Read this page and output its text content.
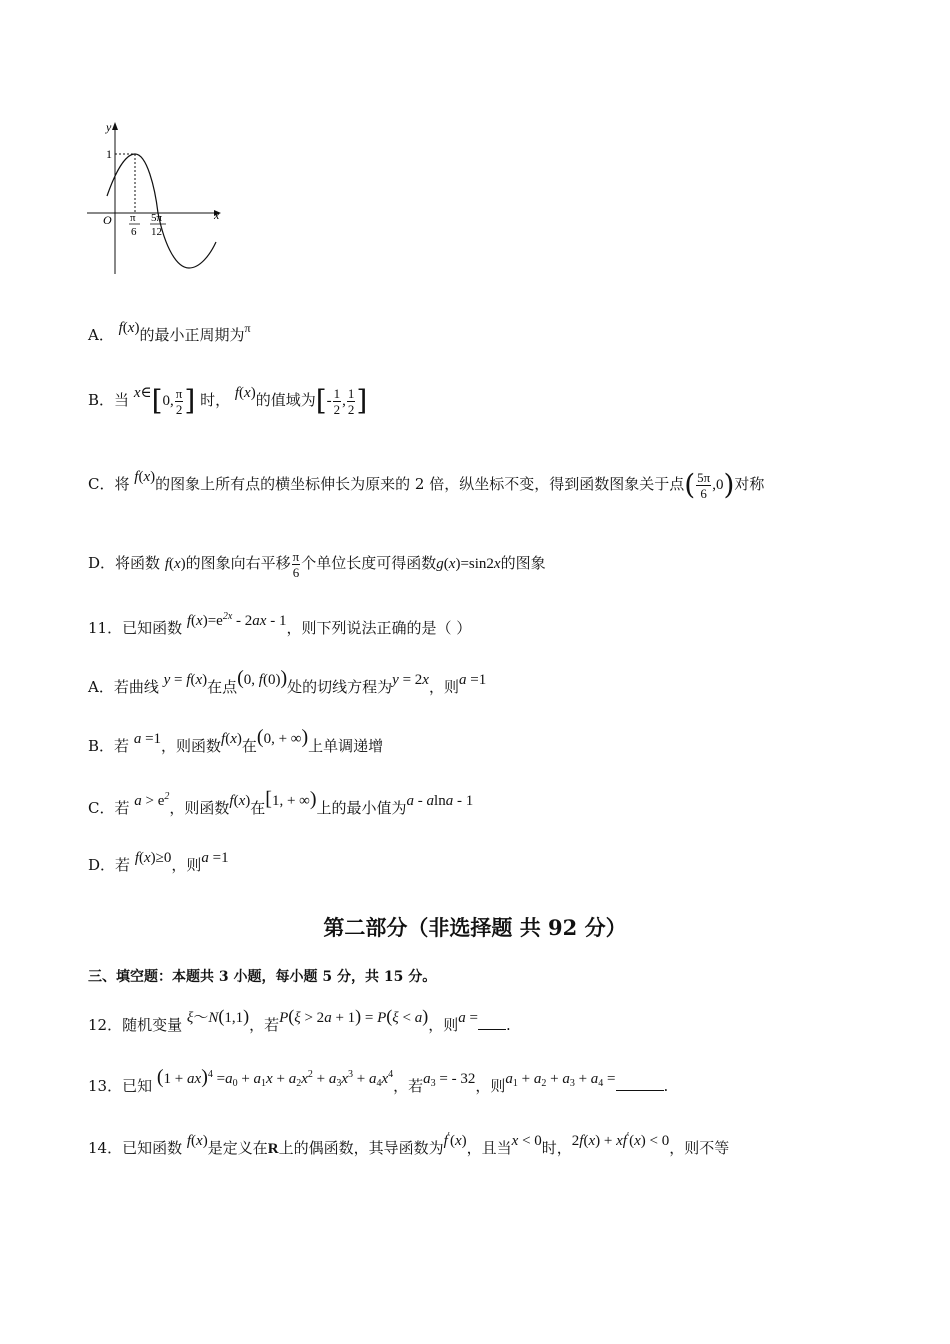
y
x
O
1
π
6
5π
12
A． f(x)的最小正周期为$^\pi$
B．当 x∈[0, $\frac{\pi}{2}$ ] 时， f(x)的值域为[- $\frac{1}{2}$ , $\frac{1}{2}$ ]
C．将 f(x)的图象上所有点的横坐标伸长为原来的 2 倍，纵坐标不变，得到函数图象关于点( $\frac{5\pi}{6} ,0$)对称
D．将函数 f(x)的图象向右平移 $\frac{\pi}{6}$ 个单位长度可得函数g(x)=sin2x的图象
11．已知函数 $f(x)=e^{2x} - 2ax - 1$，则下列说法正确的是（ ）
A．若曲线 y = f(x)在点(0, f(0))处的切线方程为y = 2x，则a =1
B．若 a =1，则函数f(x)在(0, + ∞)上单调递增
C．若 $a > e^2$，则函数f(x)在[1, + ∞)上的最小值为a - alna - 1
D．若 f(x)≥0，则a =1
第二部分（非选择题 共 92 分）
三、填空题：本题共 3 小题，每小题 5 分，共 15 分。
12．随机变量 ξ～N(1,1)，若P(ξ > 2a + 1) = P(ξ < a)，则a = .
13．已知 $(1 + ax)^4 =a_0 + a_1x + a_2x^2 + a_3x^3 + a_4x^4$，若$a_3$ = - 32，则$a_1 + a_2 + a_3 + a_4$ =	.
14．已知函数 f(x)是定义在R上的偶函数，其导函数为f′(x)，且当x < 0时，2f(x) + xf′(x) < 0，则不等
